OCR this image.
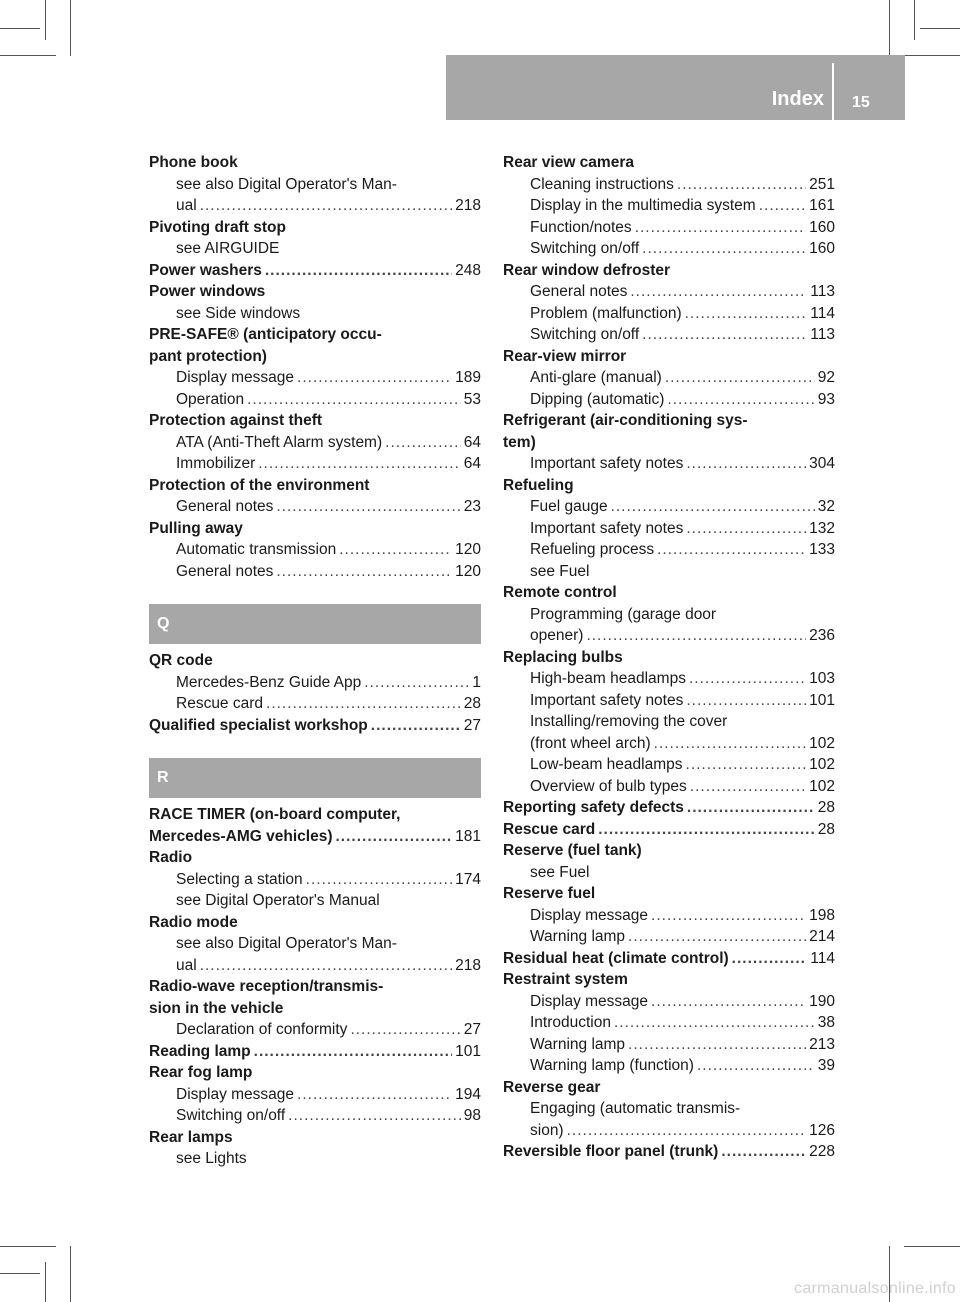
Index 15
Phone book
see also Digital Operator's Man-
ual .....	218
Pivoting draft stop
see AIRGUIDE
Power washers .....	248
Power windows
see Side windows
PRE-SAFE® (anticipatory occu-
pant protection)
Display message .....	189
Operation .....	53
Protection against theft
ATA (Anti-Theft Alarm system) .....	64
Immobilizer .....	64
Protection of the environment
General notes .....	23
Pulling away
Automatic transmission .....	120
General notes .....	120
Q
QR code
Mercedes-Benz Guide App .....	1
Rescue card .....	28
Qualified specialist workshop .....	27
R
RACE TIMER (on-board computer,
Mercedes-AMG vehicles) .....	181
Radio
Selecting a station .....	174
see Digital Operator's Manual
Radio mode
see also Digital Operator's Man-
ual .....	218
Radio-wave reception/transmis-
sion in the vehicle
Declaration of conformity .....	27
Reading lamp .....	101
Rear fog lamp
Display message .....	194
Switching on/off .....	98
Rear lamps
see Lights
Rear view camera
Cleaning instructions .....	251
Display in the multimedia system .....	161
Function/notes .....	160
Switching on/off .....	160
Rear window defroster
General notes .....	113
Problem (malfunction) .....	114
Switching on/off .....	113
Rear-view mirror
Anti-glare (manual) .....	92
Dipping (automatic) .....	93
Refrigerant (air-conditioning sys-
tem)
Important safety notes .....	304
Refueling
Fuel gauge .....	32
Important safety notes .....	132
Refueling process .....	133
see Fuel
Remote control
Programming (garage door
opener) .....	236
Replacing bulbs
High-beam headlamps .....	103
Important safety notes .....	101
Installing/removing the cover
(front wheel arch) .....	102
Low-beam headlamps .....	102
Overview of bulb types .....	102
Reporting safety defects .....	28
Rescue card .....	28
Reserve (fuel tank)
see Fuel
Reserve fuel
Display message .....	198
Warning lamp .....	214
Residual heat (climate control) .....	114
Restraint system
Display message .....	190
Introduction .....	38
Warning lamp .....	213
Warning lamp (function) .....	39
Reverse gear
Engaging (automatic transmis-
sion) .....	126
Reversible floor panel (trunk) .....	228
carmanualsonline.info
